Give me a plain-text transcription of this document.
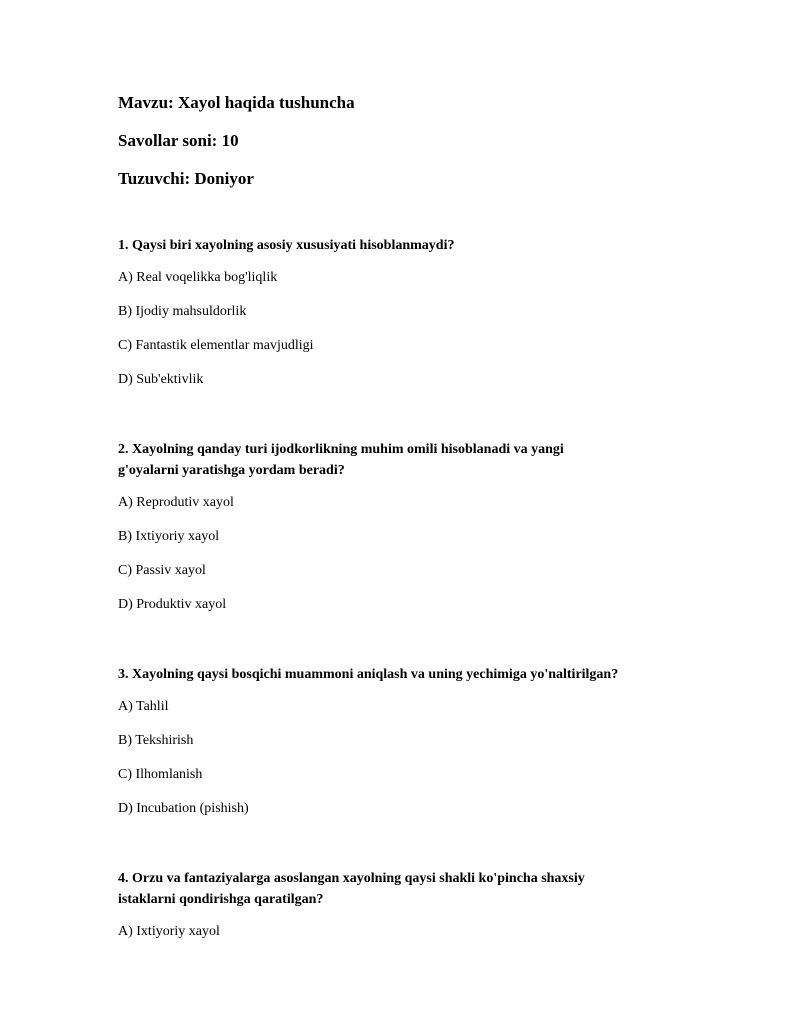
Mavzu: Xayol haqida tushuncha
Savollar soni: 10
Tuzuvchi: Doniyor
1. Qaysi biri xayolning asosiy xususiyati hisoblanmaydi?
A) Real voqelikka bog'liqlik
B) Ijodiy mahsuldorlik
C) Fantastik elementlar mavjudligi
D) Sub'ektivlik
2. Xayolning qanday turi ijodkorlikning muhim omili hisoblanadi va yangi
g'oyalarni yaratishga yordam beradi?
A) Reprodutiv xayol
B) Ixtiyoriy xayol
C) Passiv xayol
D) Produktiv xayol
3. Xayolning qaysi bosqichi muammoni aniqlash va uning yechimiga yo'naltirilgan?
A) Tahlil
B) Tekshirish
C) Ilhomlanish
D) Incubation (pishish)
4. Orzu va fantaziyalarga asoslangan xayolning qaysi shakli ko'pincha shaxsiy
istaklarni qondirishga qaratilgan?
A) Ixtiyoriy xayol
